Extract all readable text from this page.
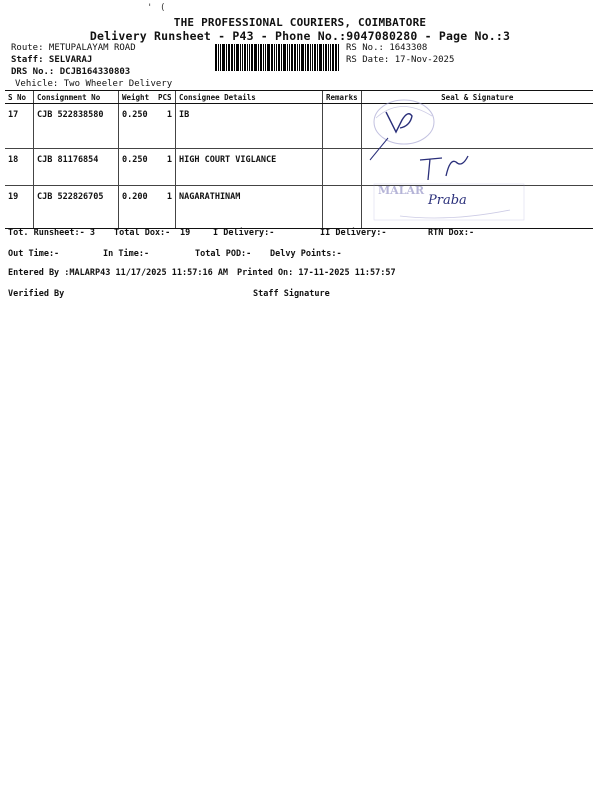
' (
THE PROFESSIONAL COURIERS, COIMBATORE
Delivery Runsheet - P43 - Phone No.:9047080280 - Page No.:3
Route: METUPALAYAM ROAD
Staff: SELVARAJ
DRS No.: DCJB164330803
Vehicle: Two Wheeler Delivery
RS No.: 1643308
RS Date: 17-Nov-2025
S No	Consignment No	Weight	PCS	Consignee Details	Remarks	Seal & Signature
17	CJB 522838580	0.250	1	IB		
18	CJB 81176854	0.250	1	HIGH COURT VIGLANCE		
19	CJB 522826705	0.200	1	NAGARATHINAM			MALAR
Praba
TN
Tot. Runsheet:- 3 Total Dox:- 19	I Delivery:-	II Delivery:-	RTN Dox:-
Out Time:-	In Time:-	Total POD:- Delvy Points:-
Entered By :MALARP43 11/17/2025 11:57:16 AM Printed On: 17-11-2025 11:57:57
Verified By	Staff Signature
